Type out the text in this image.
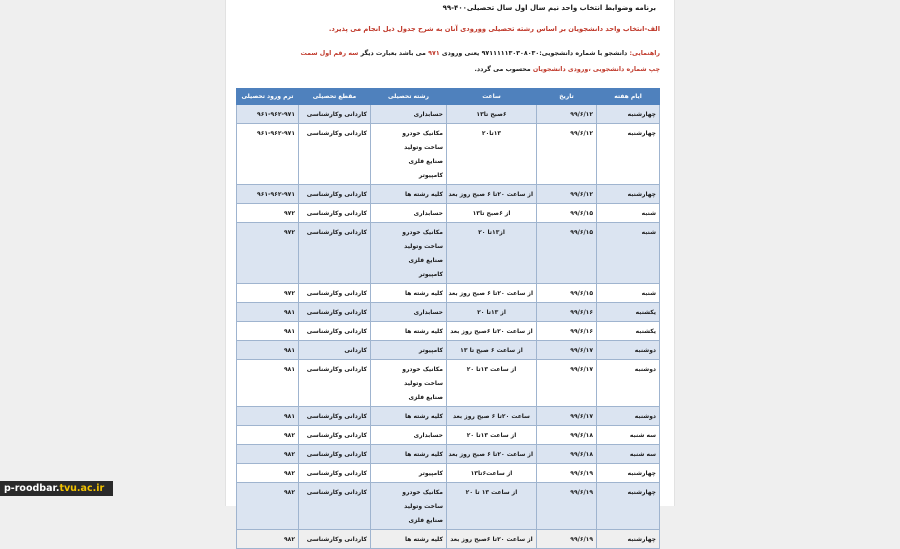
برنامه وضوابط انتخاب واحد نیم سال اول سال تحصیلی۴۰۰-۹۹
الف-انتخاب واحد دانشجویان بر اساس رشته تحصیلی وورودی آنان به شرح جدول ذیل انجام می پذیرد.
راهنمایی: دانشجو با شماره دانشجویی:۹۷۱۱۱۱۱۳۰۳۰۸۰۳۰ یعنی ورودی ۹۷۱ می باشد بعبارت دیگر سه رقم اول سمت
چپ شماره دانشجویی ،ورودی دانشجویان محسوب می گردد.
ایام هفته	تاریخ	ساعت	رشته تحصیلی	مقطع تحصیلی	ترم ورود تحصیلی
چهارشنبه	۹۹/۶/۱۲	۶صبح تا۱۳	حسابداری	کاردانی وکارشناسی	۹۶۱-۹۶۲-۹۷۱
چهارشنبه	۹۹/۶/۱۲	۱۳تا۲۰	مکانیک خودرو
ساخت وتولید
صنایع فلزی
کامپیوتر	کاردانی وکارشناسی	۹۶۱-۹۶۲-۹۷۱
چهارشنبه	۹۹/۶/۱۲	از ساعت ۲۰تا ۶ صبح روز بعد	کلیه رشته ها	کاردانی وکارشناسی	۹۶۱-۹۶۲-۹۷۱
شنبه	۹۹/۶/۱۵	از ۶صبح تا۱۳	حسابداری	کاردانی وکارشناسی	۹۷۲
شنبه	۹۹/۶/۱۵	از۱۳تا ۲۰	مکانیک خودرو
ساخت وتولید
صنایع فلزی
کامپیوتر	کاردانی وکارشناسی	۹۷۲
شنبه	۹۹/۶/۱۵	از ساعت ۲۰تا ۶ صبح روز بعد	کلیه رشته ها	کاردانی وکارشناسی	۹۷۲
یکشنبه	۹۹/۶/۱۶	از ۱۳تا ۲۰	حسابداری	کاردانی وکارشناسی	۹۸۱
یکشنبه	۹۹/۶/۱۶	از ساعت ۲۰تا ۶صبح روز بعد	کلیه رشته ها	کاردانی وکارشناسی	۹۸۱
دوشنبه	۹۹/۶/۱۷	از ساعت ۶ صبح تا ۱۳	کامپیوتر	کاردانی	۹۸۱
دوشنبه	۹۹/۶/۱۷	از ساعت ۱۳تا ۲۰	مکانیک خودرو
ساخت وتولید
صنایع فلزی	کاردانی وکارشناسی	۹۸۱
دوشنبه	۹۹/۶/۱۷	ساعت ۲۰تا ۶ صبح روز بعد	کلیه رشته ها	کاردانی وکارشناسی	۹۸۱
سه شنبه	۹۹/۶/۱۸	از ساعت ۱۳تا ۲۰	حسابداری	کاردانی وکارشناسی	۹۸۲
سه شنبه	۹۹/۶/۱۸	از ساعت ۲۰تا ۶ صبح روز بعد	کلیه رشته ها	کاردانی وکارشناسی	۹۸۲
چهارشنبه	۹۹/۶/۱۹	از ساعت۶تا۱۳	کامپیوتر	کاردانی وکارشناسی	۹۸۲
چهارشنبه	۹۹/۶/۱۹	از ساعت ۱۳ تا ۲۰	مکانیک خودرو
ساخت وتولید
صنایع فلزی	کاردانی وکارشناسی	۹۸۲
چهارشنبه	۹۹/۶/۱۹	از ساعت ۲۰تا ۶صبح روز بعد	کلیه رشته ها	کاردانی وکارشناسی	۹۸۲
p-roodbar.tvu.ac.ir
